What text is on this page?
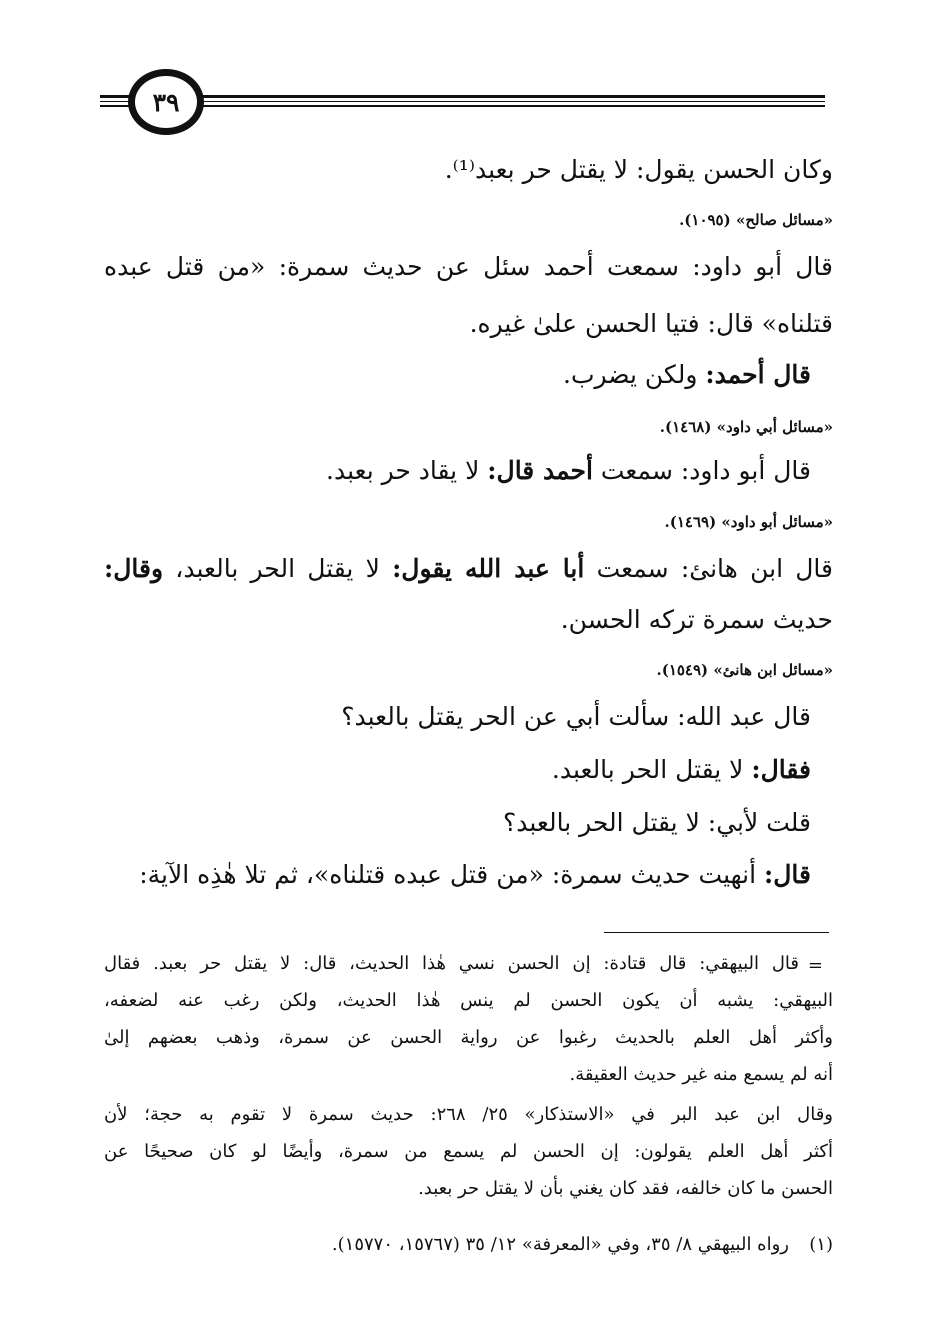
٣٩
وكان الحسن يقول: لا يقتل حر بعبد⁽¹⁾.
«مسائل صالح» (١٠٩٥).
قال أبو داود: سمعت أحمد سئل عن حديث سمرة: «من قتل عبده
قتلناه» قال: فتيا الحسن علىٰ غيره.
قال أحمد: ولكن يضرب.
«مسائل أبي داود» (١٤٦٨).
قال أبو داود: سمعت أحمد قال: لا يقاد حر بعبد.
«مسائل أبو داود» (١٤٦٩).
قال ابن هانئ: سمعت أبا عبد الله يقول: لا يقتل الحر بالعبد، وقال:
حديث سمرة تركه الحسن.
«مسائل ابن هانئ» (١٥٤٩).
قال عبد الله: سألت أبي عن الحر يقتل بالعبد؟
فقال: لا يقتل الحر بالعبد.
قلت لأبي: لا يقتل الحر بالعبد؟
قال: أنهيت حديث سمرة: «من قتل عبده قتلناه»، ثم تلا هٰذِه الآية:
=
قال البيهقي: قال قتادة: إن الحسن نسي هٰذا الحديث، قال: لا يقتل حر بعبد. فقال
البيهقي: يشبه أن يكون الحسن لم ينس هٰذا الحديث، ولكن رغب عنه لضعفه،
وأكثر أهل العلم بالحديث رغبوا عن رواية الحسن عن سمرة، وذهب بعضهم إلىٰ
أنه لم يسمع منه غير حديث العقيقة.
وقال ابن عبد البر في «الاستذكار» ٢٥/ ٢٦٨: حديث سمرة لا تقوم به حجة؛ لأن
أكثر أهل العلم يقولون: إن الحسن لم يسمع من سمرة، وأيضًا لو كان صحيحًا عن
الحسن ما كان خالفه، فقد كان يغني بأن لا يقتل حر بعبد.
(١)
رواه البيهقي ٨/ ٣٥، وفي «المعرفة» ١٢/ ٣٥ (١٥٧٦٧، ١٥٧٧٠).
